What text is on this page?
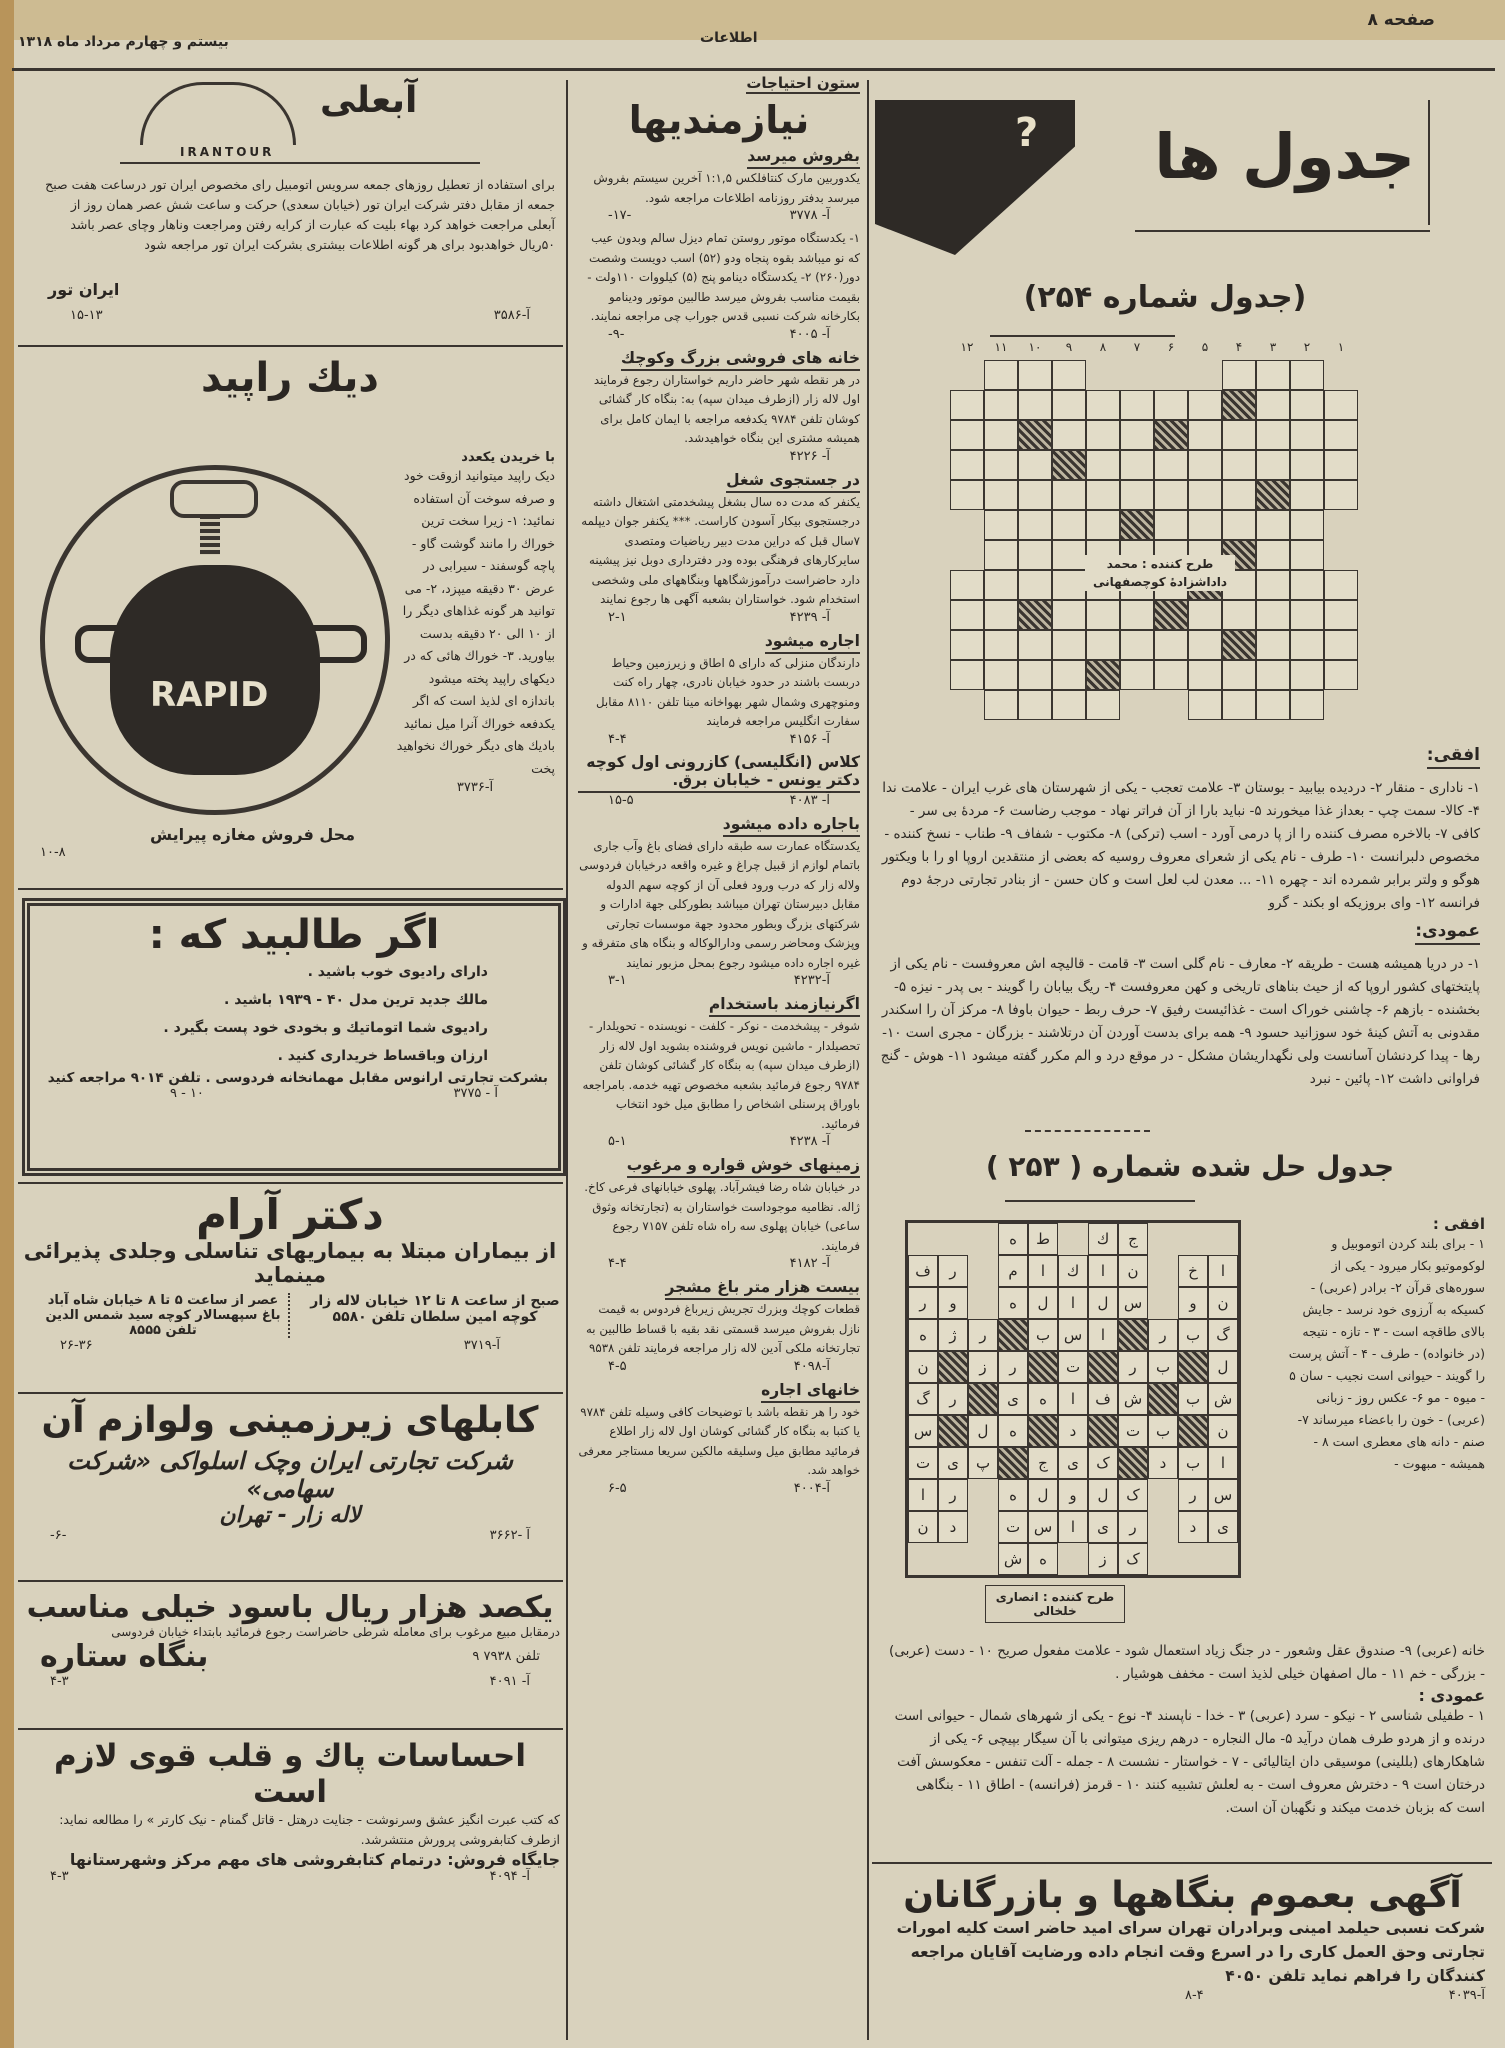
صفحه ۸
اطلاعات
بیستم و چهارم مرداد ماه ۱۳۱۸
? جدول ها
(جدول شماره ۲۵۴)
طرح کننده : محمد داداشزادهٔ کوچصفهانی
افقی:
۱- ناداری - منقار ۲- دردیده بیابید - بوستان ۳- علامت تعجب - یکی از شهرستان های غرب ایران - علامت ندا ۴- کالا- سمت چپ - بعداز غذا میخورند ۵- نباید بارا از آن فراتر نهاد - موجب رضاست ۶- مردهٔ بی سر - کافی ۷- بالاخره مصرف کننده را از پا درمی آورد - اسب (ترکی) ۸- مکتوب - شفاف ۹- طناب - نسخ کننده - مخصوص دلبرانست ۱۰- طرف - نام یکی از شعرای معروف روسیه که بعضی از منتقدین اروپا او را با ویکتور هوگو و ولتر برابر شمرده اند - چهره ۱۱- ... معدن لب لعل است و کان حسن - از بنادر تجارتی درجهٔ دوم فرانسه ۱۲- وای بروزیکه او بکند - گرو
عمودی:
۱- در دریا همیشه هست - طریقه ۲- معارف - نام گلی است ۳- قامت - قالیچه اش معروفست - نام یکی از پایتختهای کشور اروپا که از حیث بناهای تاریخی و کهن معروفست ۴- ریگ بیابان را گویند - بی پدر - نیزه ۵- بخشنده - بازهم ۶- چاشنی خوراک است - غذائیست رفیق ۷- حرف ربط - حیوان باوفا ۸- مرکز آن را اسکندر مقدونی به آتش کینهٔ خود سوزانید حسود ۹- همه برای بدست آوردن آن درتلاشند - بزرگان - مجری است ۱۰- رها - پیدا کردنشان آسانست ولی نگهداریشان مشکل - در موقع درد و الم مکرر گفته میشود ۱۱- هوش - گنج فراوانی داشت ۱۲- پائین - نبرد
جدول حل شده شماره ( ۲۵۳ )
ج
ك
ط
ه
ا
خ
ن
ا
ك
ا
م
ر
ف
ن
و
س
ل
ا
ل
ه
و
ر
گ
ب
ر
ا
س
ب
ر
ژ
ه
ل
ب
ر
ت
ر
ز
ن
ش
ب
ش
ف
ا
ه
ی
ر
گ
ن
ب
ت
د
ه
ل
س
ا
ب
د
ک
ی
ج
پ
ی
ت
س
ر
ک
ل
و
ل
ه
ر
ا
ی
د
ر
ی
ا
س
ت
د
ن
ک
ز
ه
ش
طرح کننده : انصاری خلخالی
افقی :
۱ - برای بلند کردن اتوموبیل و لوکوموتیو بکار میرود - یکی از سوره‌های قرآن ۲- برادر (عربی) - کسیکه به آرزوی خود نرسد - جایش بالای طاقچه است - ۳ - تازه - نتیجه (در خانواده) - طرف - ۴ - آتش پرست را گویند - حیوانی است نجیب - سان ۵ - میوه - مو ۶- عکس روز - زبانی (عربی) - خون را باعضاء میرساند ۷- صنم - دانه های معطری است ۸ - همیشه - مبهوت -
خانه (عربی) ۹- صندوق عقل وشعور - در جنگ زیاد استعمال شود - علامت مفعول صریح ۱۰ - دست (عربی) - بزرگی - خم ۱۱ - مال اصفهان خیلی لذیذ است - مخفف هوشیار .
عمودی :
۱ - طفیلی شناسی ۲ - نیکو - سرد (عربی) ۳ - خدا - ناپسند ۴- نوع - یکی از شهرهای شمال - حیوانی است درنده و از هردو طرف همان درآید ۵- مال النجاره - درهم ریزی میتوانی با آن سیگار بپیچی ۶- یکی از شاهکارهای (بللینی) موسیقی دان ایتالیائی - ۷ - خواستار - نشست ۸ - جمله - آلت تنفس - معکوسش آفت درختان است ۹ - دخترش معروف است - به لعلش تشبیه کنند ۱۰ - قرمز (فرانسه) - اطاق ۱۱ - بنگاهی است که بزبان خدمت میکند و نگهبان آن است.
آگهی بعموم بنگاهها و بازرگانان
شرکت نسبی حیلمد امینی وبرادران تهران سرای امید حاضر است کلیه امورات تجارتی وحق العمل کاری را در اسرع وقت انجام داده ورضایت آقایان مراجعه کنندگان را فراهم نماید تلفن ۴۰۵۰
آ-۴۰۳۹
۸-۴
ستون احتیاجات
نیازمندیها
بفروش میرسد
یکدوربین مارک کنتافلکس ۱:۱,۵ آخرین سیستم بفروش میرسد بدفتر روزنامه اطلاعات مراجعه شود.
آ- ۳۷۷۸
-۱۷-
۱- یکدستگاه موتور روستن تمام دیزل سالم وبدون عیب که نو میباشد بقوه پنجاه ودو (۵۲) اسب دویست وشصت دور(۲۶۰) ۲- یکدستگاه دینامو پنج (۵) کیلووات ۱۱۰ولت - بقیمت مناسب بفروش میرسد طالبین موتور ودینامو بکارخانه شرکت نسبی قدس جوراب چی مراجعه نمایند.
آ- ۴۰۰۵
-۹-
خانه های فروشی بزرگ وکوچك
در هر نقطه شهر حاضر داریم خواستاران رجوع فرمایند اول لاله زار (ازطرف میدان سپه) به: بنگاه کار گشائی کوشان تلفن ۹۷۸۴ یکدفعه مراجعه با ایمان کامل برای همیشه مشتری این بنگاه خواهیدشد.
آ- ۴۲۲۶
در جستجوی شغل
یکنفر که مدت ده سال بشغل پیشخدمتی اشتغال داشته درجستجوی بیکار آسودن کاراست. *** یکنفر جوان دیپلمه ۷سال قبل که دراین مدت دبیر ریاضیات ومتصدی سایرکارهای فرهنگی بوده ودر دفترداری دوبل نیز پیشینه دارد حاضراست درآموزشگاهها وبنگاههای ملی وشخصی استخدام شود. خواستاران بشعبه آگهی ها رجوع نمایند
آ- ۴۲۳۹
۲-۱
اجاره میشود
دارندگان منزلی که دارای ۵ اطاق و زیرزمین وحیاط دربست باشند در حدود خیابان نادری، چهار راه کنت ومنوچهری وشمال شهر بهواخانه مینا تلفن ۸۱۱۰ مقابل سفارت انگلیس مراجعه فرمایند
آ- ۴۱۵۶
۴-۴
کلاس (انگلیسی) کازرونی اول کوچه دکتر یونس - خیابان برق.
آ- ۴۰۸۳
۱۵-۵
باجاره داده میشود
یکدستگاه عمارت سه طبقه دارای فضای باغ وآب جاری باتمام لوازم از قبیل چراغ و غیره واقعه درخیابان فردوسی ولاله زار که درب ورود فعلی آن از کوچه سهم الدوله مقابل دبیرستان تهران میباشد بطورکلی جهة ادارات و شرکتهای بزرگ وبطور محدود جهة موسسات تجارتی وپزشک ومحاضر رسمی ودارالوکاله و بنگاه های متفرقه و غیره اجاره داده میشود رجوع بمحل مزبور نمایند
آ-۴۲۳۲
۳-۱
اگرنیازمند باستخدام
شوفر - پیشخدمت - نوکر - کلفت - نویسنده - تحویلدار - تحصیلدار - ماشین نویس فروشنده بشوید اول لاله زار (ازطرف میدان سپه) به بنگاه کار گشائی کوشان تلفن ۹۷۸۴ رجوع فرمائید بشعبه مخصوص تهیه خدمه. بامراجعه باوراق پرسنلی اشخاص را مطابق میل خود انتخاب فرمائید.
آ- ۴۲۳۸
۵-۱
زمینهای خوش قواره و مرغوب
در خیابان شاه رضا فیشرآباد. پهلوی خیابانهای فرعی کاخ. ژاله. نظامیه موجوداست خواستاران به (تجارتخانه وثوق ساعی) خیابان پهلوی سه راه شاه تلفن ۷۱۵۷ رجوع فرمایند.
آ- ۴۱۸۲
۴-۴
بیست هزار متر باغ مشجر
قطعات کوچك وبزرك تجریش زیرباغ فردوس به قیمت نازل بفروش میرسد قسمتی نقد بقیه با قساط طالبین به تجارتخانه ملکی آدین لاله زار مراجعه فرمایند تلفن ۹۵۳۸
آ-۴۰۹۸
۴-۵
خانهای اجاره
خود را هر نقطه باشد با توضیحات کافی وسیله تلفن ۹۷۸۴ یا کتبا به بنگاه کار گشائی کوشان اول لاله زار اطلاع فرمائید مطابق میل وسلیقه مالکین سریعا مستاجر معرفی خواهد شد.
آ-۴۰۰۴
۶-۵
IRANTOUR
آبعلی
برای استفاده از تعطیل روزهای جمعه سرویس اتومبیل رای مخصوص ایران تور درساعت هفت صبح جمعه از مقابل دفتر شرکت ایران تور (خیابان سعدی) حرکت و ساعت شش عصر همان روز از آبعلی مراجعت خواهد کرد بهاء بلیت که عبارت از کرایه رفتن ومراجعت وناهار وچای عصر باشد ۵۰ریال خواهدبود برای هر گونه اطلاعات بیشتری بشرکت ایران تور مراجعه شود
ایران تور
آ-۳۵۸۶
۱۵-۱۳
دیك راپید
RAPID
محل فروش مغازه پیرایش
با خریدن یکعدد
دیک راپید میتوانید ازوقت خود و صرفه سوخت آن استفاده نمائید: ۱- زیرا سخت ترین خوراك را مانند گوشت گاو - پاچه گوسفند - سیرابی در عرض ۳۰ دقیقه میپزد، ۲- می توانید هر گونه غذاهای دیگر را از ۱۰ الی ۲۰ دقیقه بدست بیاورید. ۳- خوراك هائی که در دیکهای راپید پخته میشود باندازه ای لذیذ است که اگر یکدفعه خوراك آنرا میل نمائید بادیك های دیگر خوراك نخواهید پخت
آ-۳۷۳۶
۱۰-۸
اگر طالبید که :
دارای رادیوی خوب باشید .
مالك جدید ترین مدل ۴۰ - ۱۹۳۹ باشید .
رادیوی شما اتوماتیك و بخودی خود پست بگیرد .
ارزان وباقساط خریداری کنید .
بشرکت تجارتی ارانوس مقابل مهمانخانه فردوسی . تلفن ۹۰۱۴ مراجعه کنید
آ - ۳۷۷۵
۱۰ - ۹
دکتر آرام
از بیماران مبتلا به بیماریهای تناسلی وجلدی پذیرائی مینماید
صبح از ساعت ۸ تا ۱۲ خیابان لاله زار کوچه امین سلطان تلفن ۵۵۸۰
عصر از ساعت ۵ تا ۸ خیابان شاه آباد باغ سپهسالار کوچه سید شمس الدین تلفن ۸۵۵۵
آ-۳۷۱۹
۲۶-۳۶
کابلهای زیرزمینی ولوازم آن
شرکت تجارتی ایران وچک اسلواکی «شرکت سهامی»
لاله زار - تهران
آ -۳۶۶۲
-۶-
یکصد هزار ریال باسود خیلی مناسب
درمقابل مبیع مرغوب برای معامله شرطی حاضراست رجوع فرمائید بابتداء خیابان فردوسی
تلفن ۷۹۳۸ ۹
بنگاه ستاره
آ- ۴۰۹۱
۴-۳
احساسات پاك و قلب قوی لازم است
که کتب عبرت انگیز عشق وسرنوشت - جنایت درهتل - قاتل گمنام - نیک کارتر » را مطالعه نماید: ازطرف کتابفروشی پرورش منتشرشد.
جایگاه فروش: درتمام کتابفروشی های مهم مرکز وشهرستانها
آ- ۴۰۹۴
۴-۳
۱
۲
۳
۴
۵
۶
۷
۸
۹
۱۰
۱۱
۱۲
